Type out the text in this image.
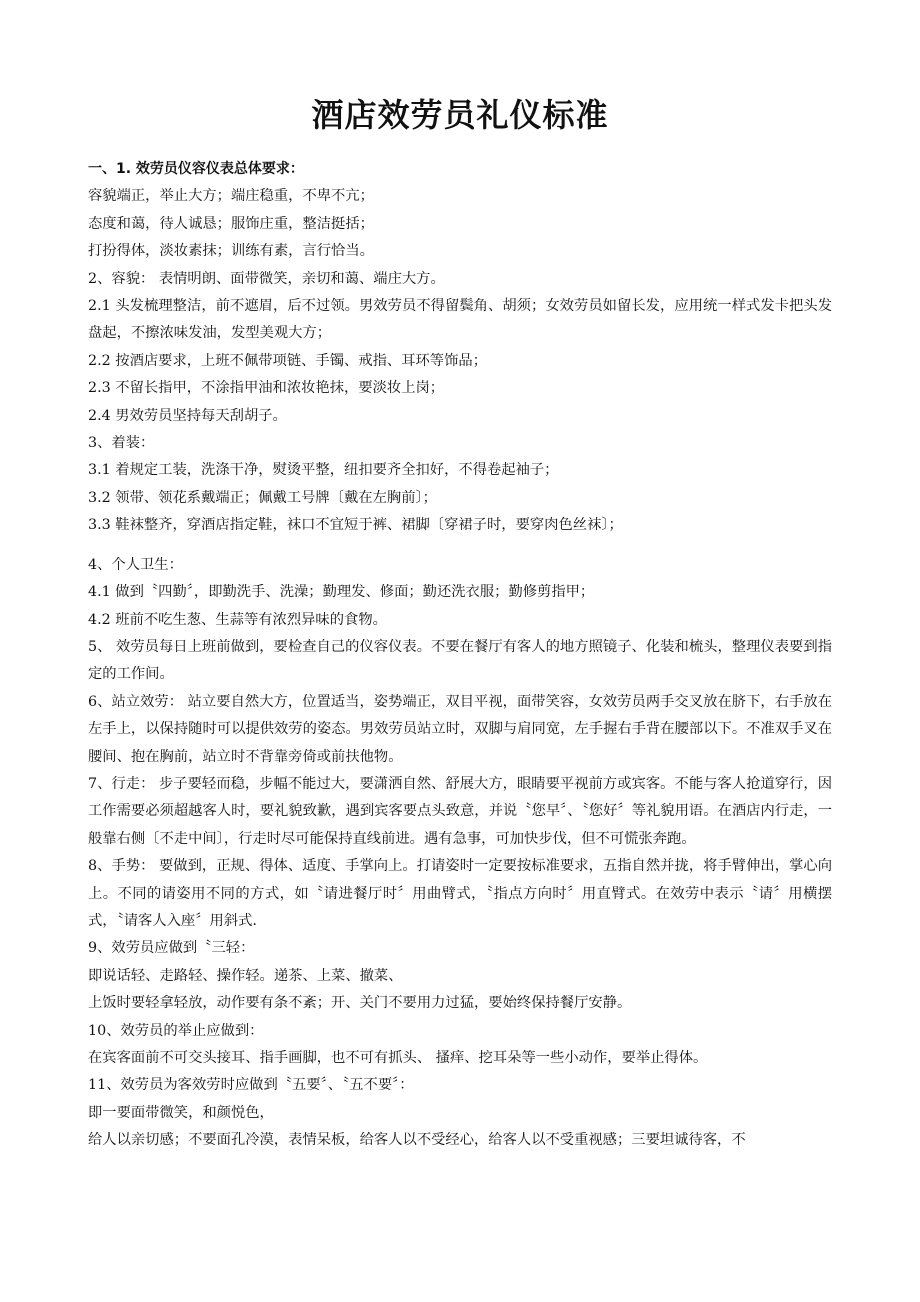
酒店效劳员礼仪标准

一、1. 效劳员仪容仪表总体要求：

容貌端正，举止大方；端庄稳重，不卑不亢；

态度和蔼，待人诚恳；服饰庄重，整洁挺括；

打扮得体，淡妆素抹；训练有素，言行恰当。

2、容貌： 表情明朗、面带微笑，亲切和蔼、端庄大方。

2.1 头发梳理整洁，前不遮眉，后不过领。男效劳员不得留鬓角、胡须；女效劳员如留长发，应用统一样式发卡把头发盘起，不擦浓味发油，发型美观大方；

2.2 按酒店要求，上班不佩带项链、手镯、戒指、耳环等饰品；

2.3 不留长指甲，不涂指甲油和浓妆艳抹，要淡妆上岗；

2.4 男效劳员坚持每天刮胡子。

3、着装：

3.1 着规定工装，洗涤干净，熨烫平整，纽扣要齐全扣好，不得卷起袖子；

3.2 领带、领花系戴端正；佩戴工号牌〔戴在左胸前〕；

3.3 鞋袜整齐，穿酒店指定鞋，袜口不宜短于裤、裙脚〔穿裙子时，要穿肉色丝袜〕；

4、个人卫生：

4.1 做到〝四勤〞，即勤洗手、洗澡；勤理发、修面；勤还洗衣服；勤修剪指甲；

4.2 班前不吃生葱、生蒜等有浓烈异味的食物。

5、 效劳员每日上班前做到，要检查自己的仪容仪表。不要在餐厅有客人的地方照镜子、化装和梳头，整理仪表要到指定的工作间。

6、站立效劳： 站立要自然大方，位置适当，姿势端正，双目平视，面带笑容，女效劳员两手交叉放在脐下，右手放在左手上，以保持随时可以提供效劳的姿态。男效劳员站立时，双脚与肩同宽，左手握右手背在腰部以下。不准双手叉在腰间、抱在胸前，站立时不背靠旁倚或前扶他物。

7、行走： 步子要轻而稳，步幅不能过大，要潇洒自然、舒展大方，眼睛要平视前方或宾客。不能与客人抢道穿行，因工作需要必须超越客人时，要礼貌致歉，遇到宾客要点头致意，并说〝您早〞、〝您好〞等礼貌用语。在酒店内行走，一般靠右侧〔不走中间〕，行走时尽可能保持直线前进。遇有急事，可加快步伐，但不可慌张奔跑。

8、手势： 要做到，正规、得体、适度、手掌向上。打请姿时一定要按标准要求，五指自然并拢，将手臂伸出，掌心向上。不同的请姿用不同的方式，如〝请进餐厅时〞用曲臂式，〝指点方向时〞用直臂式。在效劳中表示〝请〞用横摆式，〝请客人入座〞用斜式.

9、效劳员应做到〝三轻：

即说话轻、走路轻、操作轻。递茶、上菜、撤菜、

上饭时要轻拿轻放，动作要有条不紊；开、关门不要用力过猛，要始终保持餐厅安静。

10、效劳员的举止应做到：

在宾客面前不可交头接耳、指手画脚，也不可有抓头、 搔痒、挖耳朵等一些小动作，要举止得体。

11、效劳员为客效劳时应做到〝五要〞、〝五不要〞：

即一要面带微笑，和颜悦色，

给人以亲切感；不要面孔冷漠，表情呆板，给客人以不受经心，给客人以不受重视感；三要坦诚待客，不
